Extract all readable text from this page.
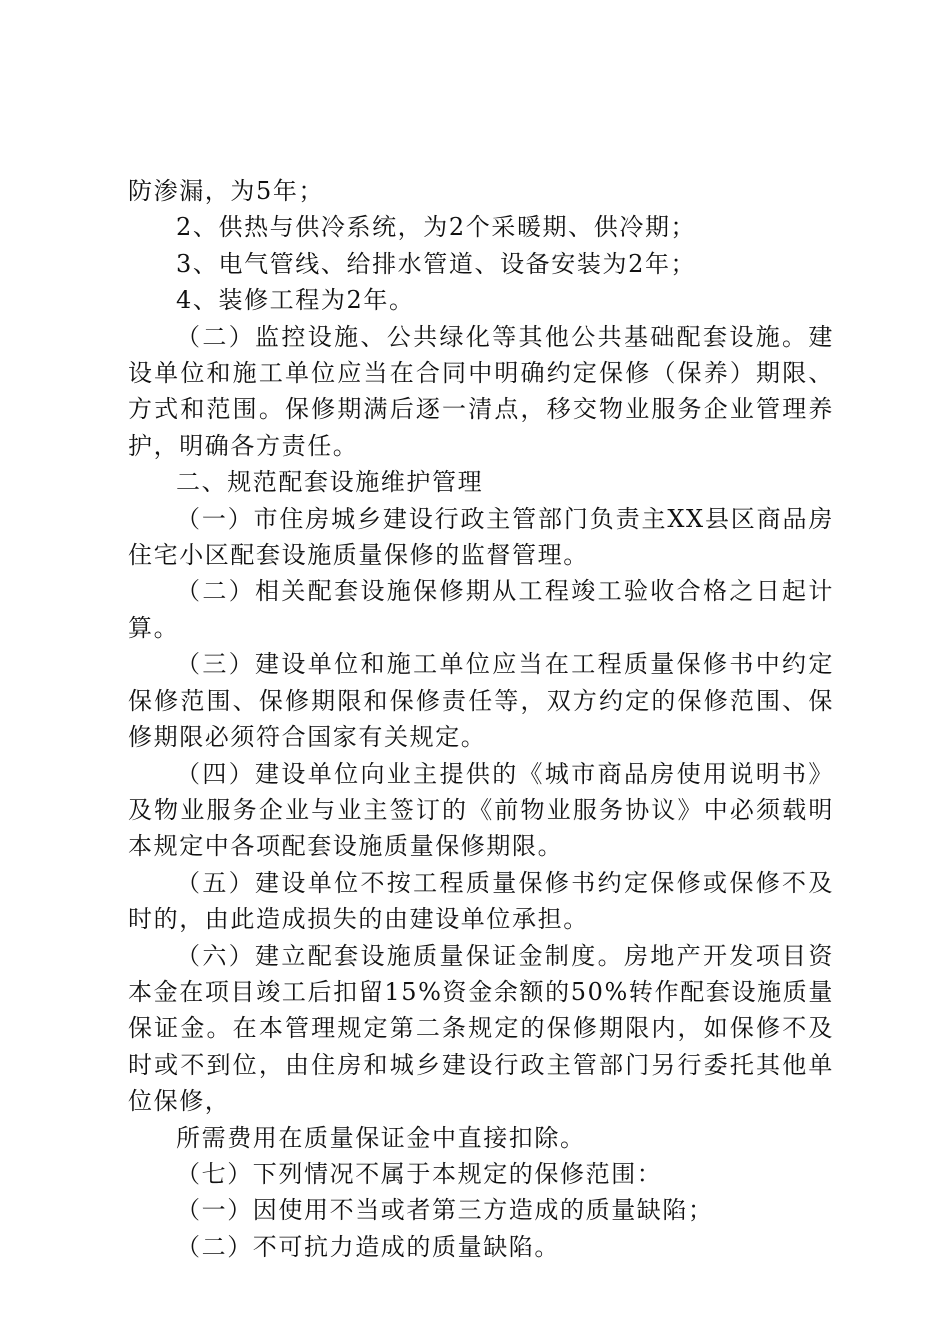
防渗漏，为5年；

2、供热与供冷系统，为2个采暖期、供冷期；

3、电气管线、给排水管道、设备安装为2年；

4、装修工程为2年。

（二）监控设施、公共绿化等其他公共基础配套设施。建设单位和施工单位应当在合同中明确约定保修（保养）期限、方式和范围。保修期满后逐一清点，移交物业服务企业管理养护，明确各方责任。

二、规范配套设施维护管理

（一）市住房城乡建设行政主管部门负责主XX县区商品房住宅小区配套设施质量保修的监督管理。

（二）相关配套设施保修期从工程竣工验收合格之日起计算。

（三）建设单位和施工单位应当在工程质量保修书中约定保修范围、保修期限和保修责任等，双方约定的保修范围、保修期限必须符合国家有关规定。

（四）建设单位向业主提供的《城市商品房使用说明书》及物业服务企业与业主签订的《前物业服务协议》中必须载明本规定中各项配套设施质量保修期限。

（五）建设单位不按工程质量保修书约定保修或保修不及时的，由此造成损失的由建设单位承担。

（六）建立配套设施质量保证金制度。房地产开发项目资本金在项目竣工后扣留15%资金余额的50%转作配套设施质量保证金。在本管理规定第二条规定的保修期限内，如保修不及时或不到位，由住房和城乡建设行政主管部门另行委托其他单位保修，

所需费用在质量保证金中直接扣除。

（七）下列情况不属于本规定的保修范围：

（一）因使用不当或者第三方造成的质量缺陷；

（二）不可抗力造成的质量缺陷。
